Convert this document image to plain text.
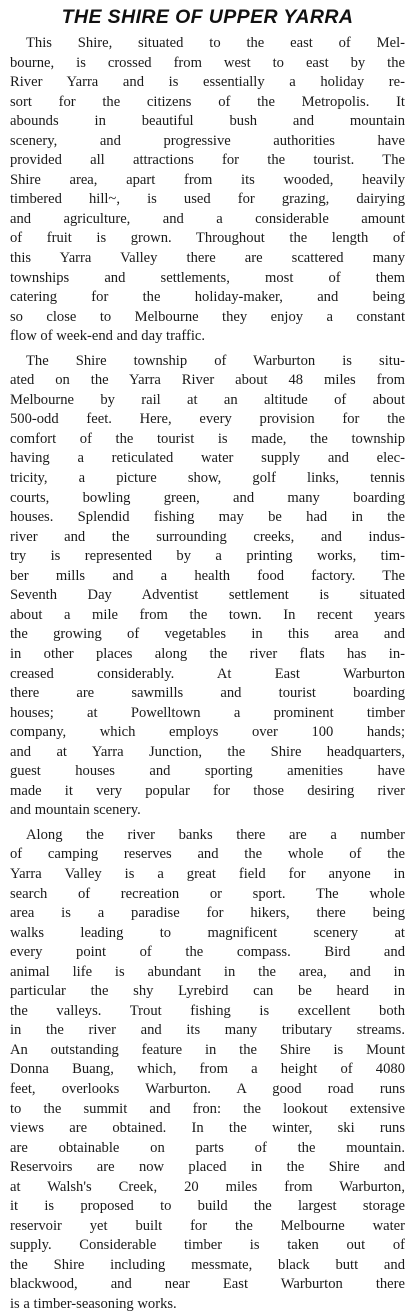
THE SHIRE OF UPPER YARRA
This Shire, situated to the east of Mel-
bourne, is crossed from west to east by the
River Yarra and is essentially a holiday re-
sort for the citizens of the Metropolis. It
abounds in beautiful bush and mountain
scenery, and progressive authorities have
provided all attractions for the tourist. The
Shire area, apart from its wooded, heavily
timbered hill~, is used for grazing, dairying
and agriculture, and a considerable amount
of fruit is grown. Throughout the length of
this Yarra Valley there are scattered many
townships and settlements, most of them
catering for the holiday-maker, and being
so close to Melbourne they enjoy a constant
flow of week-end and day traffic.
The Shire township of Warburton is situ-
ated on the Yarra River about 48 miles from
Melbourne by rail at an altitude of about
500-odd feet. Here, every provision for the
comfort of the tourist is made, the township
having a reticulated water supply and elec-
tricity, a picture show, golf links, tennis
courts, bowling green, and many boarding
houses. Splendid fishing may be had in the
river and the surrounding creeks, and indus-
try is represented by a printing works, tim-
ber mills and a health food factory. The
Seventh Day Adventist settlement is situated
about a mile from the town. In recent years
the growing of vegetables in this area and
in other places along the river flats has in-
creased considerably. At East Warburton
there are sawmills and tourist boarding
houses; at Powelltown a prominent timber
company, which employs over 100 hands;
and at Yarra Junction, the Shire headquarters,
guest houses and sporting amenities have
made it very popular for those desiring river
and mountain scenery.
Along the river banks there are a number
of camping reserves and the whole of the
Yarra Valley is a great field for anyone in
search of recreation or sport. The whole
area is a paradise for hikers, there being
walks leading to magnificent scenery at
every point of the compass. Bird and
animal life is abundant in the area, and in
particular the shy Lyrebird can be heard in
the valleys. Trout fishing is excellent both
in the river and its many tributary streams.
An outstanding feature in the Shire is Mount
Donna Buang, which, from a height of 4080
feet, overlooks Warburton. A good road runs
to the summit and fron: the lookout extensive
views are obtained. In the winter, ski runs
are obtainable on parts of the mountain.
Reservoirs are now placed in the Shire and
at Walsh's Creek, 20 miles from Warburton,
it is proposed to build the largest storage
reservoir yet built for the Melbourne water
supply. Considerable timber is taken out of
the Shire including messmate, black butt and
blackwood, and near East Warburton there
is a timber-seasoning works.
